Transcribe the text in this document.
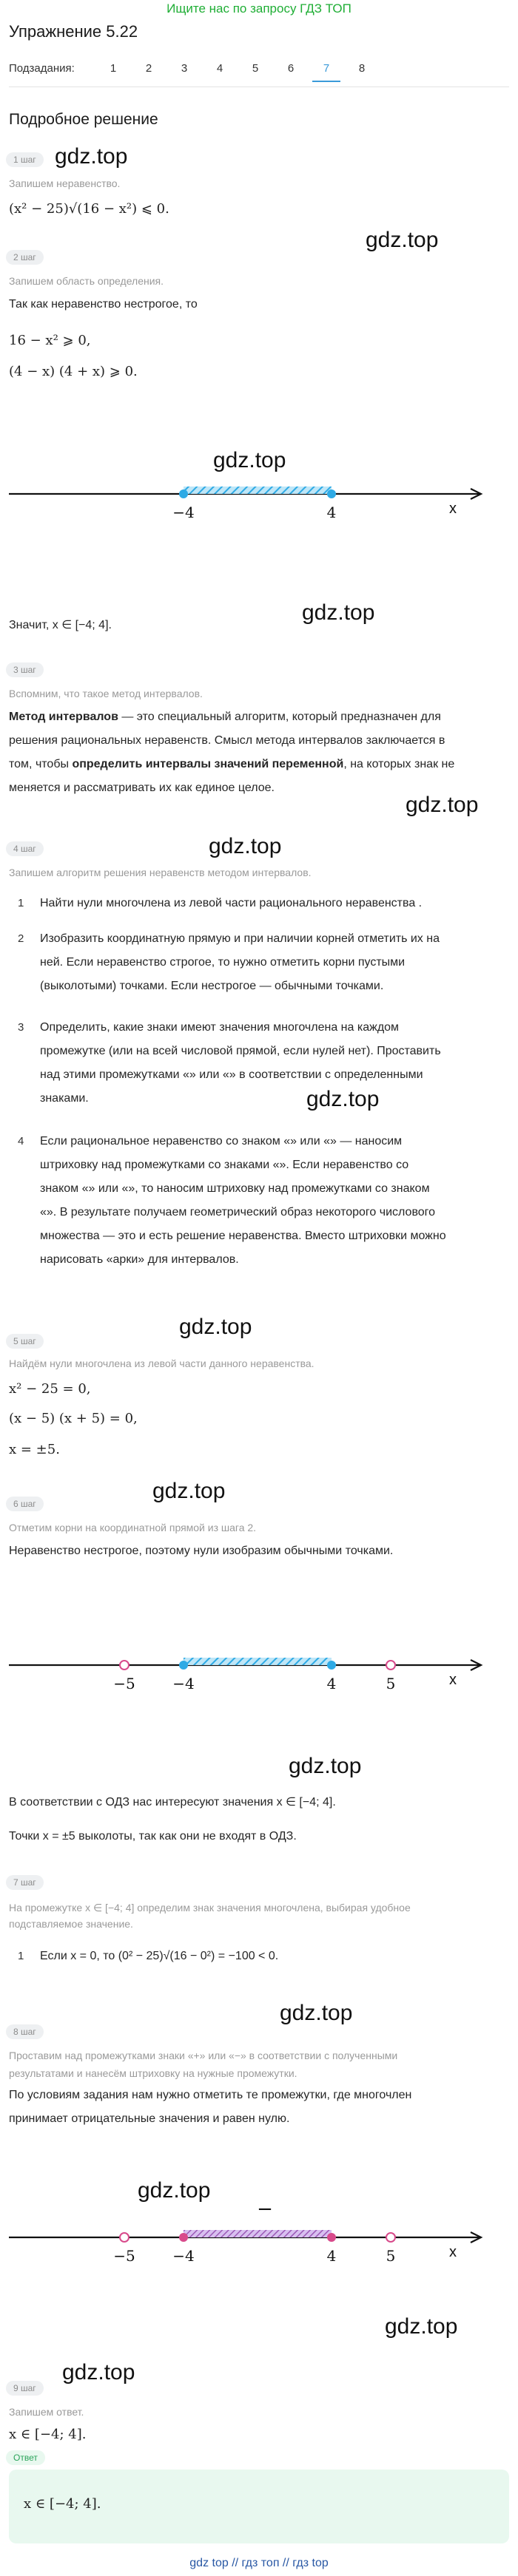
Ищите нас по запросу ГДЗ ТОП
Упражнение 5.22
Подзадания:	1	2	3	4	5	6	7	8
Подробное решение
1 шаг gdz.top
Запишем неравенство.
(x² − 25)√(16 − x²) ⩽ 0.
gdz.top
2 шаг
Запишем область определения.
Так как неравенство нестрогое, то
16 − x² ⩾ 0,
(4 − x) (4 + x) ⩾ 0.
gdz.top
−4	4	x
gdz.top
Значит, x ∈ [−4; 4].
3 шаг
Вспомним, что такое метод интервалов.
Метод интервалов — это специальный алгоритм, который предназначен для
решения рациональных неравенств. Смысл метода интервалов заключается в
том, чтобы определить интервалы значений переменной, на которых знак не
меняется и рассматривать их как единое целое.
gdz.top
4 шаг	gdz.top
Запишем алгоритм решения неравенств методом интервалов.
1 Найти нули многочлена из левой части рационального неравенства .
2 Изобразить координатную прямую и при наличии корней отметить их на
ней. Если неравенство строгое, то нужно отметить корни пустыми
(выколотыми) точками. Если нестрогое — обычными точками.
3 Определить, какие знаки имеют значения многочлена на каждом
промежутке (или на всей числовой прямой, если нулей нет). Проставить
над этими промежутками «» или «» в соответствии с определенными
знаками.	gdz.top
4 Если рациональное неравенство со знаком «» или «» — наносим
штриховку над промежутками со знаками «». Если неравенство со
знаком «» или «», то наносим штриховку над промежутками со знаком
«». В результате получаем геометрический образ некоторого числового
множества — это и есть решение неравенства. Вместо штриховки можно
нарисовать «арки» для интервалов.
gdz.top
5 шаг
Найдём нули многочлена из левой части данного неравенства.
x² − 25 = 0,
(x − 5) (x + 5) = 0,
x = ±5.
gdz.top
6 шаг
Отметим корни на координатной прямой из шага 2.
Неравенство нестрогое, поэтому нули изобразим обычными точками.
−5	−4	4	5	x
gdz.top
В соответствии с ОДЗ нас интересуют значения x ∈ [−4; 4].
Точки x = ±5 выколоты, так как они не входят в ОДЗ.
7 шаг
На промежутке x ∈ [−4; 4] определим знак значения многочлена, выбирая удобное
подставляемое значение.
1 Если x = 0, то (0² − 25)√(16 − 0²) = −100 < 0.
gdz.top
8 шаг
Проставим над промежутками знаки «+» или «−» в соответствии с полученными
результатами и нанесём штриховку на нужные промежутки.
По условиям задания нам нужно отметить те промежутки, где многочлен
принимает отрицательные значения и равен нулю.
gdz.top
−
−5	−4	4	5	x
gdz.top
gdz.top
9 шаг
Запишем ответ.
x ∈ [−4; 4].
Ответ
x ∈ [−4; 4].
gdz top // гдз топ // гдз top
